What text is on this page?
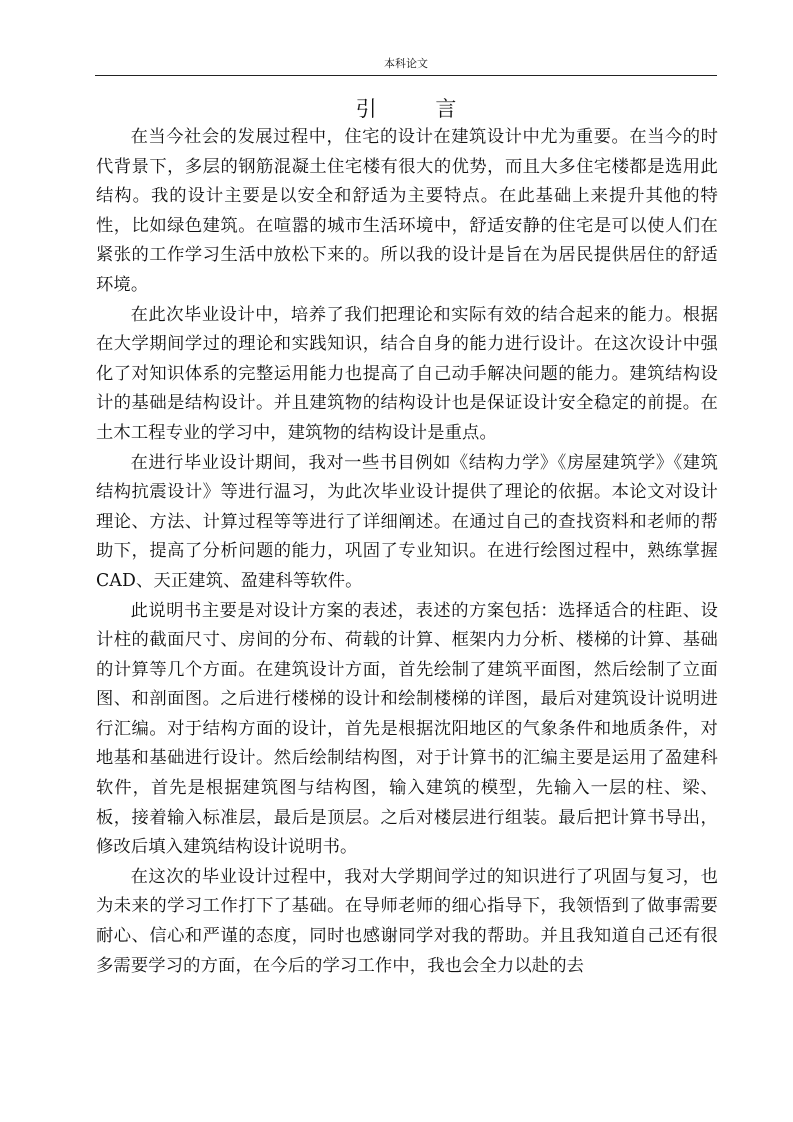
本科论文
引 言

在当今社会的发展过程中，住宅的设计在建筑设计中尤为重要。在当今的时代背景下，多层的钢筋混凝土住宅楼有很大的优势，而且大多住宅楼都是选用此结构。我的设计主要是以安全和舒适为主要特点。在此基础上来提升其他的特性，比如绿色建筑。在喧嚣的城市生活环境中，舒适安静的住宅是可以使人们在紧张的工作学习生活中放松下来的。所以我的设计是旨在为居民提供居住的舒适环境。

在此次毕业设计中，培养了我们把理论和实际有效的结合起来的能力。根据在大学期间学过的理论和实践知识，结合自身的能力进行设计。在这次设计中强化了对知识体系的完整运用能力也提高了自己动手解决问题的能力。建筑结构设计的基础是结构设计。并且建筑物的结构设计也是保证设计安全稳定的前提。在土木工程专业的学习中，建筑物的结构设计是重点。

在进行毕业设计期间，我对一些书目例如《结构力学》《房屋建筑学》《建筑结构抗震设计》等进行温习，为此次毕业设计提供了理论的依据。本论文对设计理论、方法、计算过程等等进行了详细阐述。在通过自己的查找资料和老师的帮助下，提高了分析问题的能力，巩固了专业知识。在进行绘图过程中，熟练掌握CAD、天正建筑、盈建科等软件。

此说明书主要是对设计方案的表述，表述的方案包括：选择适合的柱距、设计柱的截面尺寸、房间的分布、荷载的计算、框架内力分析、楼梯的计算、基础的计算等几个方面。在建筑设计方面，首先绘制了建筑平面图，然后绘制了立面图、和剖面图。之后进行楼梯的设计和绘制楼梯的详图，最后对建筑设计说明进行汇编。对于结构方面的设计，首先是根据沈阳地区的气象条件和地质条件，对地基和基础进行设计。然后绘制结构图，对于计算书的汇编主要是运用了盈建科软件，首先是根据建筑图与结构图，输入建筑的模型，先输入一层的柱、梁、板，接着输入标准层，最后是顶层。之后对楼层进行组装。最后把计算书导出，修改后填入建筑结构设计说明书。

在这次的毕业设计过程中，我对大学期间学过的知识进行了巩固与复习，也为未来的学习工作打下了基础。在导师老师的细心指导下，我领悟到了做事需要耐心、信心和严谨的态度，同时也感谢同学对我的帮助。并且我知道自己还有很多需要学习的方面，在今后的学习工作中，我也会全力以赴的去
